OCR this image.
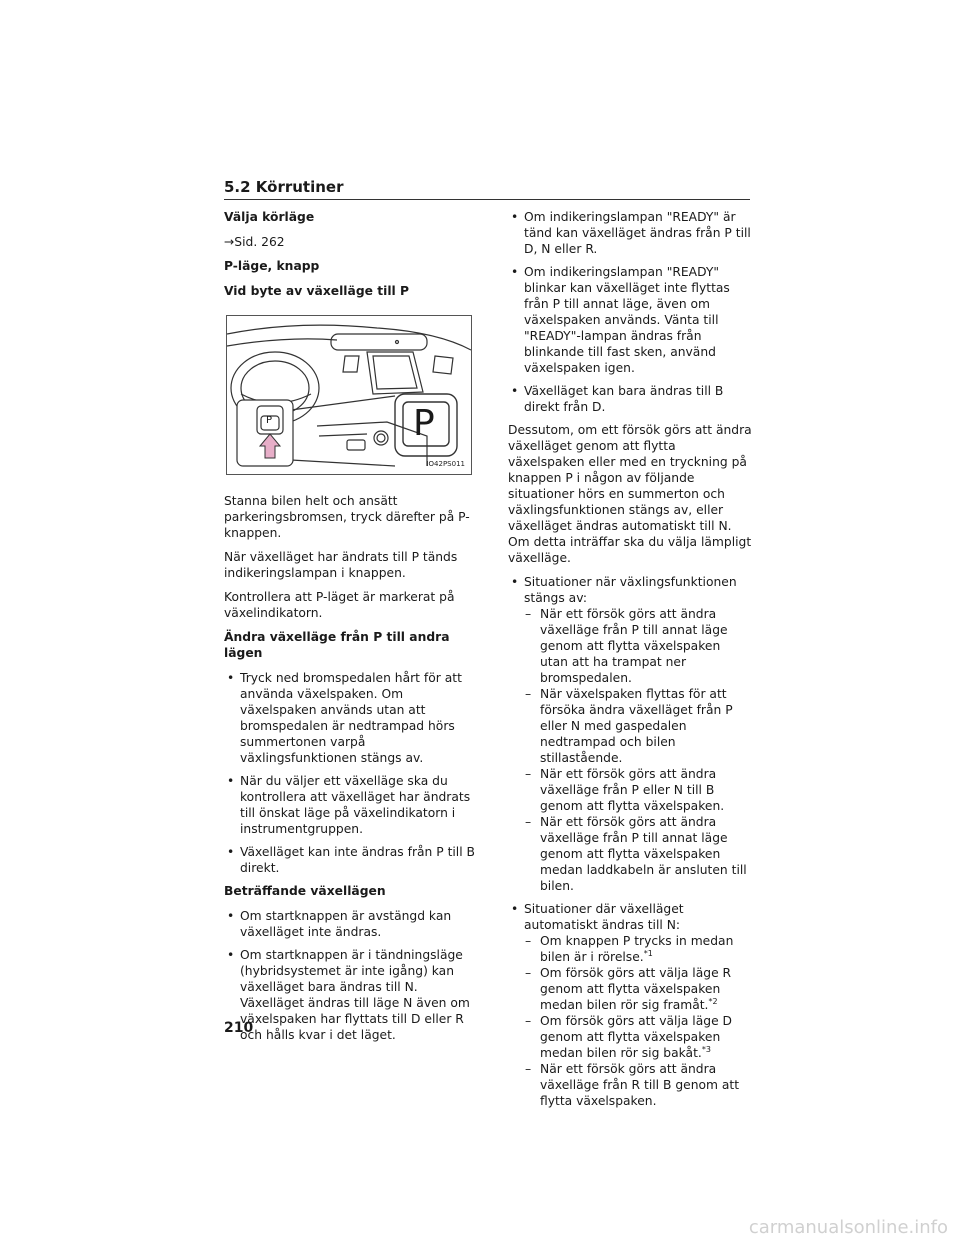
5.2 Körrutiner
Välja körläge
→Sid. 262
P-läge, knapp
Vid byte av växelläge till P
P	P
IO42PS011
Stanna bilen helt och ansätt parkeringsbromsen, tryck därefter på P-knappen.
När växelläget har ändrats till P tänds indikeringslampan i knappen.
Kontrollera att P-läget är markerat på växelindikatorn.
Ändra växelläge från P till andra lägen
• Tryck ned bromspedalen hårt för att använda växelspaken. Om växelspaken används utan att bromspedalen är nedtrampad hörs summertonen varpå växlingsfunktionen stängs av.
• När du väljer ett växelläge ska du kontrollera att växelläget har ändrats till önskat läge på växelindikatorn i instrumentgruppen.
• Växelläget kan inte ändras från P till B direkt.
Beträffande växellägen
• Om startknappen är avstängd kan växelläget inte ändras.
• Om startknappen är i tändningsläge (hybridsystemet är inte igång) kan växelläget bara ändras till N. Växelläget ändras till läge N även om växelspaken har flyttats till D eller R och hålls kvar i det läget.
• Om indikeringslampan "READY" är tänd kan växelläget ändras från P till D, N eller R.
• Om indikeringslampan "READY" blinkar kan växelläget inte flyttas från P till annat läge, även om växelspaken används. Vänta till "READY"-lampan ändras från blinkande till fast sken, använd växelspaken igen.
• Växelläget kan bara ändras till B direkt från D.
Dessutom, om ett försök görs att ändra växelläget genom att flytta växelspaken eller med en tryckning på knappen P i någon av följande situationer hörs en summerton och växlingsfunktionen stängs av, eller växelläget ändras automatiskt till N. Om detta inträffar ska du välja lämpligt växelläge.
• Situationer när växlingsfunktionen stängs av:
– När ett försök görs att ändra växelläge från P till annat läge genom att flytta växelspaken utan att ha trampat ner bromspedalen.
– När växelspaken flyttas för att försöka ändra växelläget från P eller N med gaspedalen nedtrampad och bilen stillastående.
– När ett försök görs att ändra växelläge från P eller N till B genom att flytta växelspaken.
– När ett försök görs att ändra växelläge från P till annat läge genom att flytta växelspaken medan laddkabeln är ansluten till bilen.
• Situationer där växelläget automatiskt ändras till N:
– Om knappen P trycks in medan bilen är i rörelse.$^{*1}$
– Om försök görs att välja läge R genom att flytta växelspaken medan bilen rör sig framåt.$^{*2}$
– Om försök görs att välja läge D genom att flytta växelspaken medan bilen rör sig bakåt.$^{*3}$
– När ett försök görs att ändra växelläge från R till B genom att flytta växelspaken.
210
carmanualsonline.info
